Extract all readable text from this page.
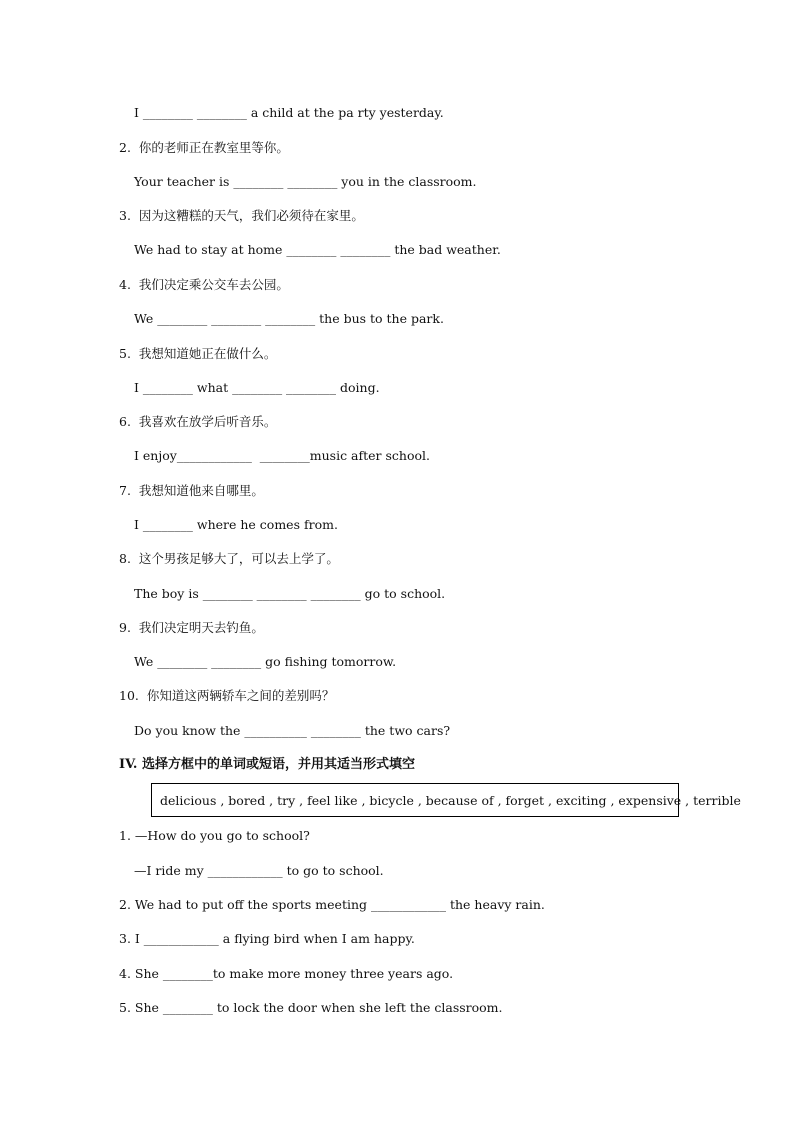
I ________ ________ a child at the pa rty yesterday.
2.  你的老师正在教室里等你。
Your teacher is ________ ________ you in the classroom.
3.  因为这糟糕的天气，我们必须待在家里。
We had to stay at home ________ ________ the bad weather.
4.  我们决定乘公交车去公园。
We ________ ________ ________ the bus to the park.
5.  我想知道她正在做什么。
I ________ what ________ ________ doing.
6.  我喜欢在放学后听音乐。
I enjoy____________  ________music after school.
7.  我想知道他来自哪里。
I ________ where he comes from.
8.  这个男孩足够大了，可以去上学了。
The boy is ________ ________ ________ go to school.
9.  我们决定明天去钓鱼。
We ________ ________ go fishing tomorrow.
10.  你知道这两辆轿车之间的差别吗？
Do you know the __________ ________ the two cars?
IV. 选择方框中的单词或短语，并用其适当形式填空
delicious , bored , try , feel like , bicycle , because of , forget , exciting , expensive , terrible
1. —How do you go to school?
—I ride my ____________ to go to school.
2. We had to put off the sports meeting ____________ the heavy rain.
3. I ____________ a flying bird when I am happy.
4. She ________to make more money three years ago.
5. She ________ to lock the door when she left the classroom.
